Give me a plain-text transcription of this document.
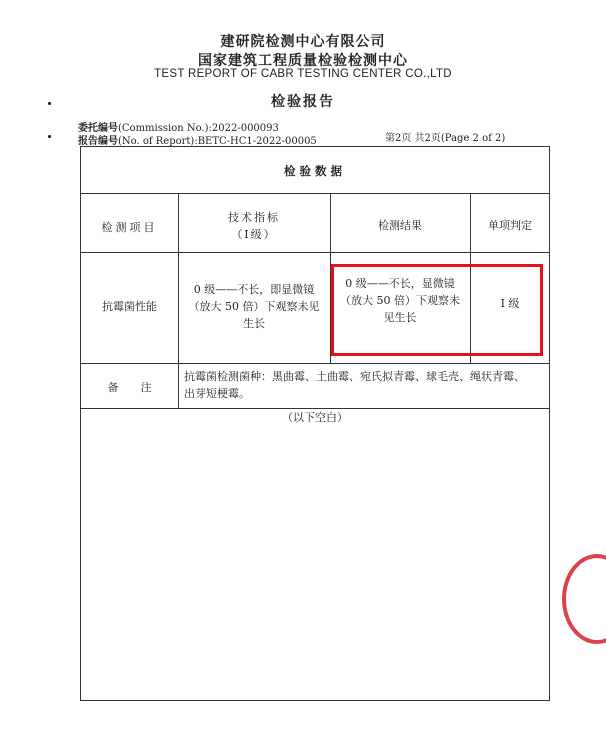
建研院检测中心有限公司
国家建筑工程质量检验检测中心
TEST REPORT OF CABR TESTING CENTER CO.,LTD
检验报告
委托编号(Commission No.):2022-000093
报告编号(No. of Report):BETC-HC1-2022-00005	第2页 共2页(Page 2 of 2)
检验数据
检测项目
技术指标
（Ⅰ级）
检测结果	单项判定
抗霉菌性能
0 级——不长，即显微镜
（放大 50 倍）下观察未见
生长
0 级——不长，显微镜
（放大 50 倍）下观察未
见生长
Ⅰ 级
备　　注
抗霉菌检测菌种：黑曲霉、土曲霉、宛氏拟青霉、球毛壳、绳状青霉、
出芽短梗霉。
（以下空白）
